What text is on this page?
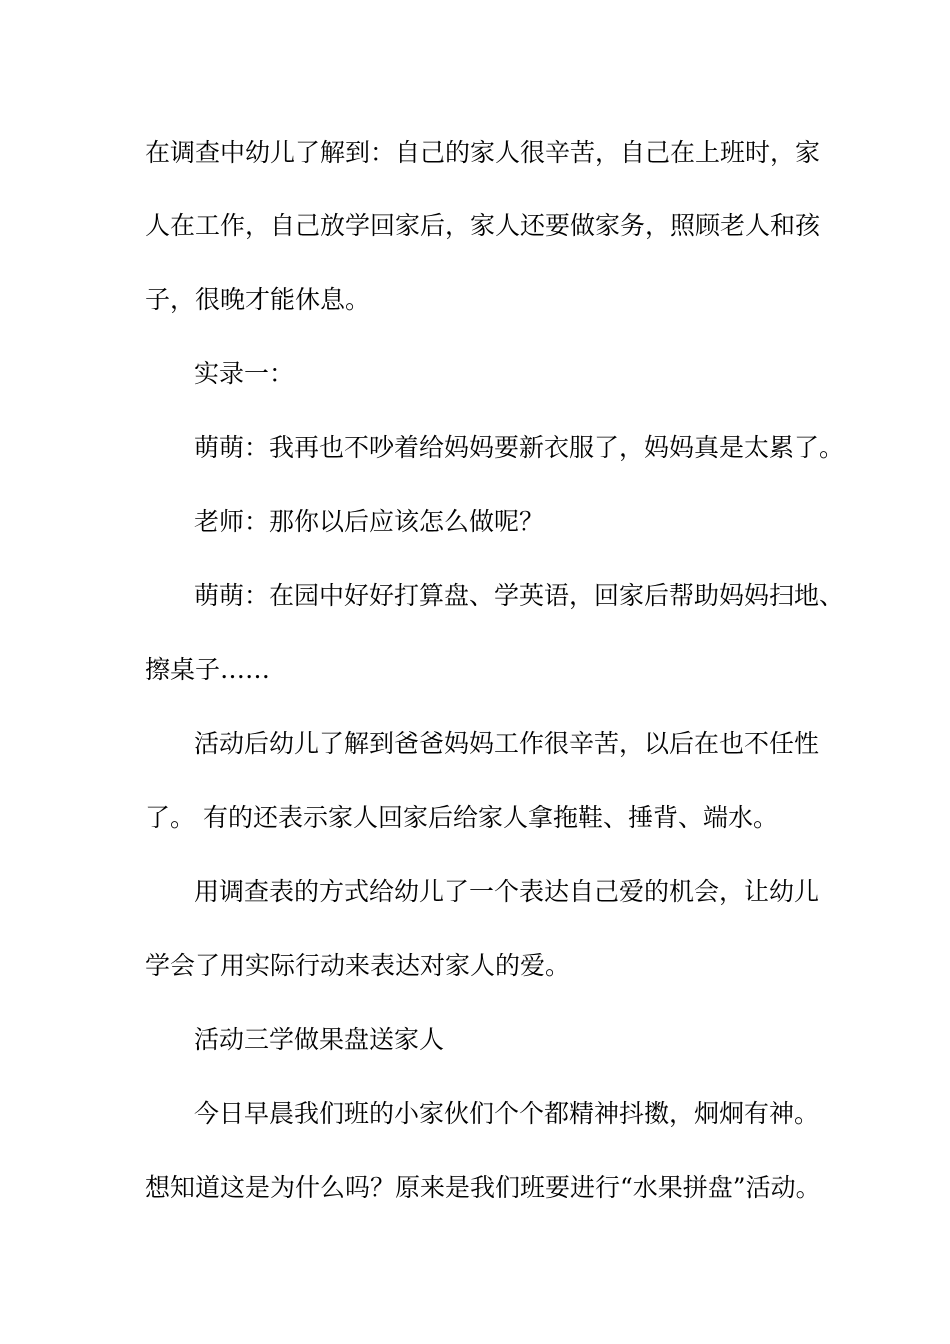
在调查中幼儿了解到：自己的家人很辛苦，自己在上班时，家
人在工作，自己放学回家后，家人还要做家务，照顾老人和孩
子，很晚才能休息。
实录一：
萌萌：我再也不吵着给妈妈要新衣服了，妈妈真是太累了。
老师：那你以后应该怎么做呢？
萌萌：在园中好好打算盘、学英语，回家后帮助妈妈扫地、
擦桌子……
活动后幼儿了解到爸爸妈妈工作很辛苦，以后在也不任性
了。 有的还表示家人回家后给家人拿拖鞋、捶背、端水。
用调查表的方式给幼儿了一个表达自己爱的机会，让幼儿
学会了用实际行动来表达对家人的爱。
活动三学做果盘送家人
今日早晨我们班的小家伙们个个都精神抖擞，炯炯有神。
想知道这是为什么吗？原来是我们班要进行“水果拼盘”活动。
